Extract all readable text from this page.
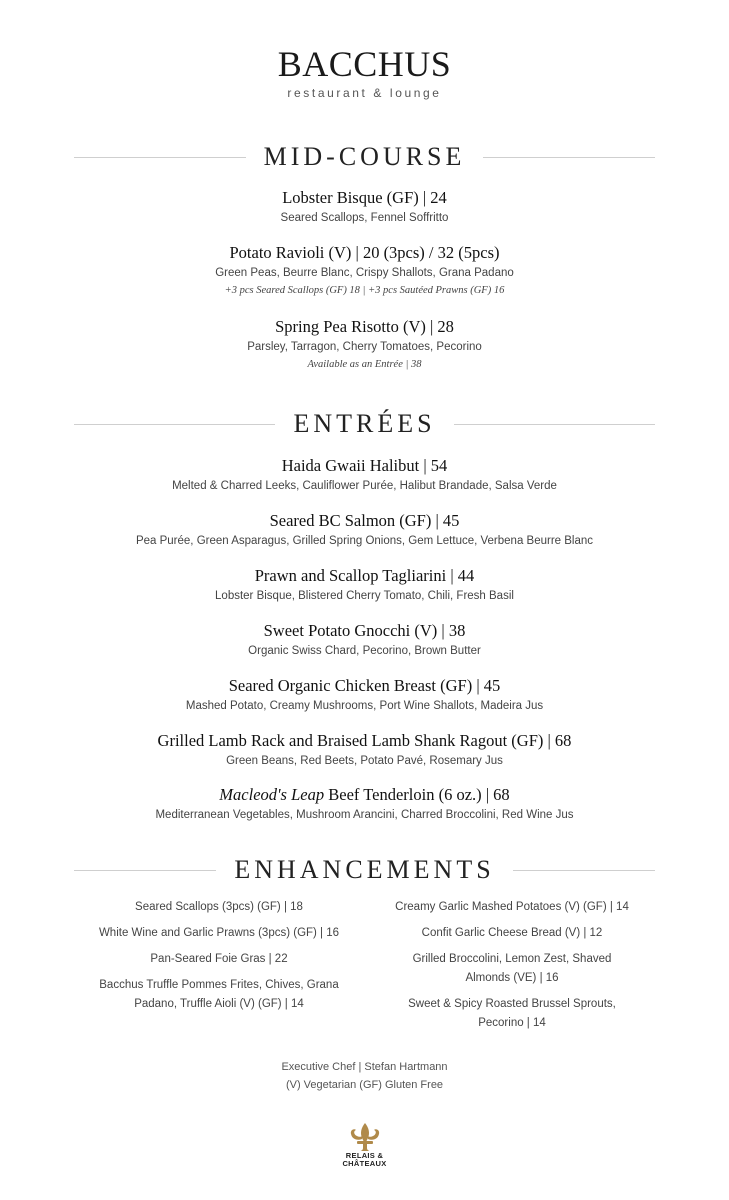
BACCHUS
restaurant & lounge
MID-COURSE
Lobster Bisque (GF) | 24
Seared Scallops, Fennel Soffritto
Potato Ravioli (V) | 20 (3pcs) / 32 (5pcs)
Green Peas, Beurre Blanc, Crispy Shallots, Grana Padano
+3 pcs Seared Scallops (GF) 18 | +3 pcs Sautéed Prawns (GF) 16
Spring Pea Risotto (V) | 28
Parsley, Tarragon, Cherry Tomatoes, Pecorino
Available as an Entrée | 38
ENTRÉES
Haida Gwaii Halibut | 54
Melted & Charred Leeks, Cauliflower Purée, Halibut Brandade, Salsa Verde
Seared BC Salmon (GF) | 45
Pea Purée, Green Asparagus, Grilled Spring Onions, Gem Lettuce, Verbena Beurre Blanc
Prawn and Scallop Tagliarini | 44
Lobster Bisque, Blistered Cherry Tomato, Chili, Fresh Basil
Sweet Potato Gnocchi (V) | 38
Organic Swiss Chard, Pecorino, Brown Butter
Seared Organic Chicken Breast (GF) | 45
Mashed Potato, Creamy Mushrooms, Port Wine Shallots, Madeira Jus
Grilled Lamb Rack and Braised Lamb Shank Ragout (GF) | 68
Green Beans, Red Beets, Potato Pavé, Rosemary Jus
Macleod's Leap Beef Tenderloin (6 oz.) | 68
Mediterranean Vegetables, Mushroom Arancini, Charred Broccolini, Red Wine Jus
ENHANCEMENTS
Seared Scallops (3pcs) (GF) | 18
White Wine and Garlic Prawns (3pcs) (GF) | 16
Pan-Seared Foie Gras | 22
Bacchus Truffle Pommes Frites, Chives, Grana Padano, Truffle Aioli (V) (GF) | 14
Creamy Garlic Mashed Potatoes (V) (GF) | 14
Confit Garlic Cheese Bread (V) | 12
Grilled Broccolini, Lemon Zest, Shaved Almonds (VE) | 16
Sweet & Spicy Roasted Brussel Sprouts, Pecorino | 14
Executive Chef | Stefan Hartmann
(V) Vegetarian (GF) Gluten Free
RELAIS &
CHÂTEAUX
